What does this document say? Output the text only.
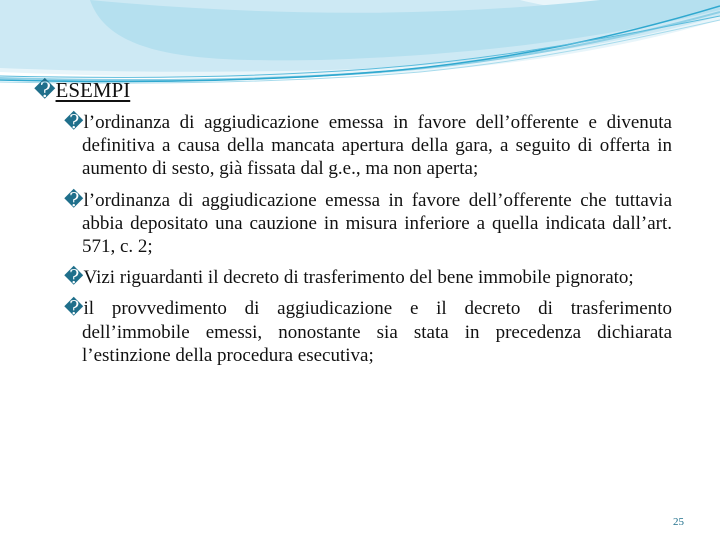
�ESEMPI

�l’ordinanza di aggiudicazione emessa in favore dell’offerente e divenuta definitiva a causa della mancata apertura della gara, a seguito di offerta in aumento di sesto, già fissata dal g.e., ma non aperta;

�l’ordinanza di aggiudicazione emessa in favore dell’offerente che tuttavia abbia depositato una cauzione in misura inferiore a quella indicata dall’art. 571, c. 2;

�Vizi riguardanti il decreto di trasferimento del bene immobile pignorato;

�il provvedimento di aggiudicazione e il decreto di trasferimento dell’immobile emessi, nonostante sia stata in precedenza dichiarata l’estinzione della procedura esecutiva;

25
